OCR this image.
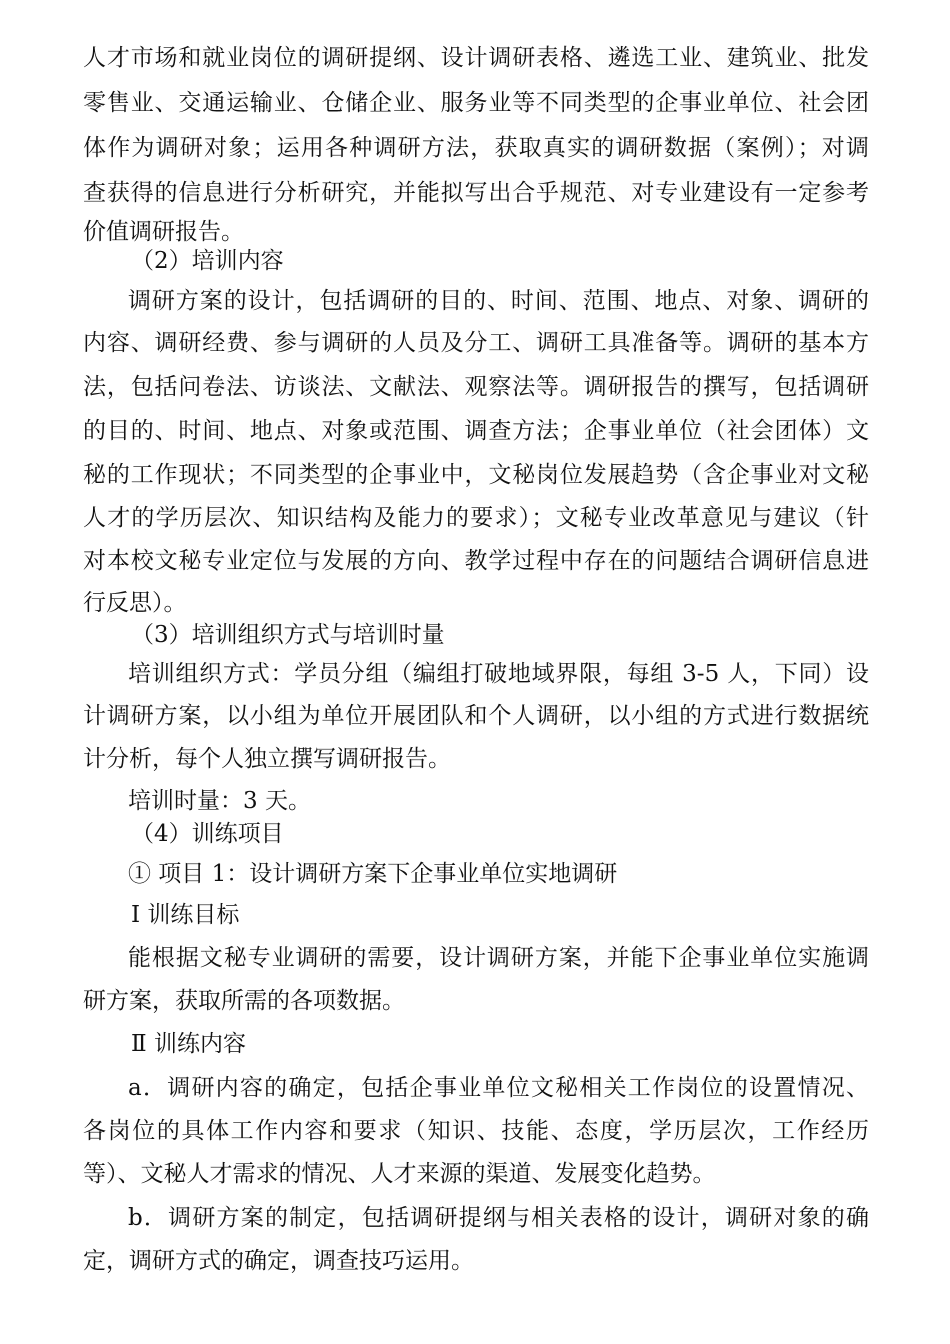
人才市场和就业岗位的调研提纲、设计调研表格、遴选工业、建筑业、批发
零售业、交通运输业、仓储企业、服务业等不同类型的企事业单位、社会团
体作为调研对象；运用各种调研方法，获取真实的调研数据（案例）；对调
查获得的信息进行分析研究，并能拟写出合乎规范、对专业建设有一定参考
价值调研报告。
（2）培训内容
调研方案的设计，包括调研的目的、时间、范围、地点、对象、调研的
内容、调研经费、参与调研的人员及分工、调研工具准备等。调研的基本方
法，包括问卷法、访谈法、文献法、观察法等。调研报告的撰写，包括调研
的目的、时间、地点、对象或范围、调查方法；企事业单位（社会团体）文
秘的工作现状；不同类型的企事业中，文秘岗位发展趋势（含企事业对文秘
人才的学历层次、知识结构及能力的要求）；文秘专业改革意见与建议（针
对本校文秘专业定位与发展的方向、教学过程中存在的问题结合调研信息进
行反思）。
（3）培训组织方式与培训时量
培训组织方式：学员分组（编组打破地域界限，每组 3-5 人，下同）设
计调研方案，以小组为单位开展团队和个人调研，以小组的方式进行数据统
计分析，每个人独立撰写调研报告。
培训时量：3 天。
（4）训练项目
① 项目 1：设计调研方案下企事业单位实地调研
Ⅰ 训练目标
能根据文秘专业调研的需要，设计调研方案，并能下企事业单位实施调
研方案，获取所需的各项数据。
Ⅱ 训练内容
a．调研内容的确定，包括企事业单位文秘相关工作岗位的设置情况、
各岗位的具体工作内容和要求（知识、技能、态度，学历层次，工作经历
等）、文秘人才需求的情况、人才来源的渠道、发展变化趋势。
b．调研方案的制定，包括调研提纲与相关表格的设计，调研对象的确
定，调研方式的确定，调查技巧运用。
